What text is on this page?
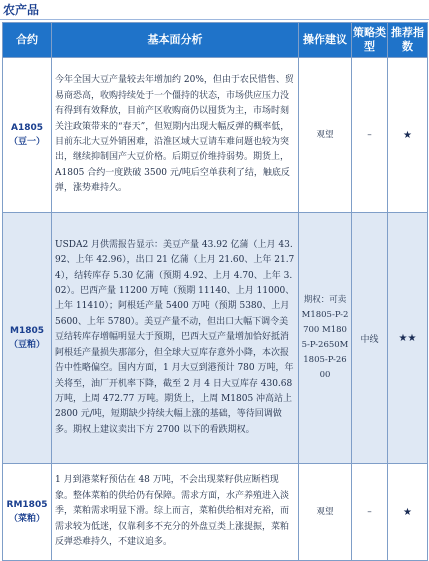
农产品
合约	基本面分析	操作建议	策略类型	推荐指数

A1805
（豆一）	今年全国大豆产量较去年增加约 20%，但由于农民惜售、贸易商恐高，收购持续处于一个僵持的状态，市场供应压力没有得到有效释放，目前产区收购商仍以囤货为主，市场时刻关注政策带来的“春天”，但短期内出现大幅反弹的概率低，目前东北大豆外销困难，沿淮区域大豆请车难问题也较为突出，继续抑制国产大豆价格。后期豆价维持弱势。期货上，A1805 合约一度跌破 3500 元/吨后空单获利了结，触底反弹，涨势难持久。	观望	–	★

M1805
（豆粕）	USDA2 月供需报告显示：美豆产量 43.92 亿蒲（上月 43.92、上年 42.96），出口 21 亿蒲（上月 21.60、上年 21.74），结转库存 5.30 亿蒲（预期 4.92、上月 4.70、上年 3.02）。巴西产量 11200 万吨（预期 11140、上月 11000、上年 11410）；阿根廷产量 5400 万吨（预期 5380、上月 5600、上年 5780）。美豆产量不动，但出口大幅下调令美豆结转库存增幅明显大于预期，巴西大豆产量增加恰好抵消阿根廷产量损失那部分，但全球大豆库存意外小降，本次报告中性略偏空。国内方面，1 月大豆到港预计 780 万吨，年关将至，油厂开机率下降，截至 2 月 4 日大豆库存 430.68 万吨，上周 472.77 万吨。期货上，上周 M1805 冲高站上 2800 元/吨，短期缺少持续大幅上涨的基础，等待回调做多。期权上建议卖出下方 2700 以下的看跌期权。	期权：可卖M1805-P-2700 M1805-P-2650M1805-P-2600	中线	★★

RM1805
（菜粕）	1 月到港菜籽预估在 48 万吨，不会出现菜籽供应断档现象。整体菜粕的供给仍有保障。需求方面，水产养殖进入淡季，菜粕需求明显下滑。综上而言，菜粕供给相对充裕，而需求较为低迷，仅靠利多不充分的外盘豆类上涨提振，菜粕反弹恐难持久，不建议追多。	观望	–	★
